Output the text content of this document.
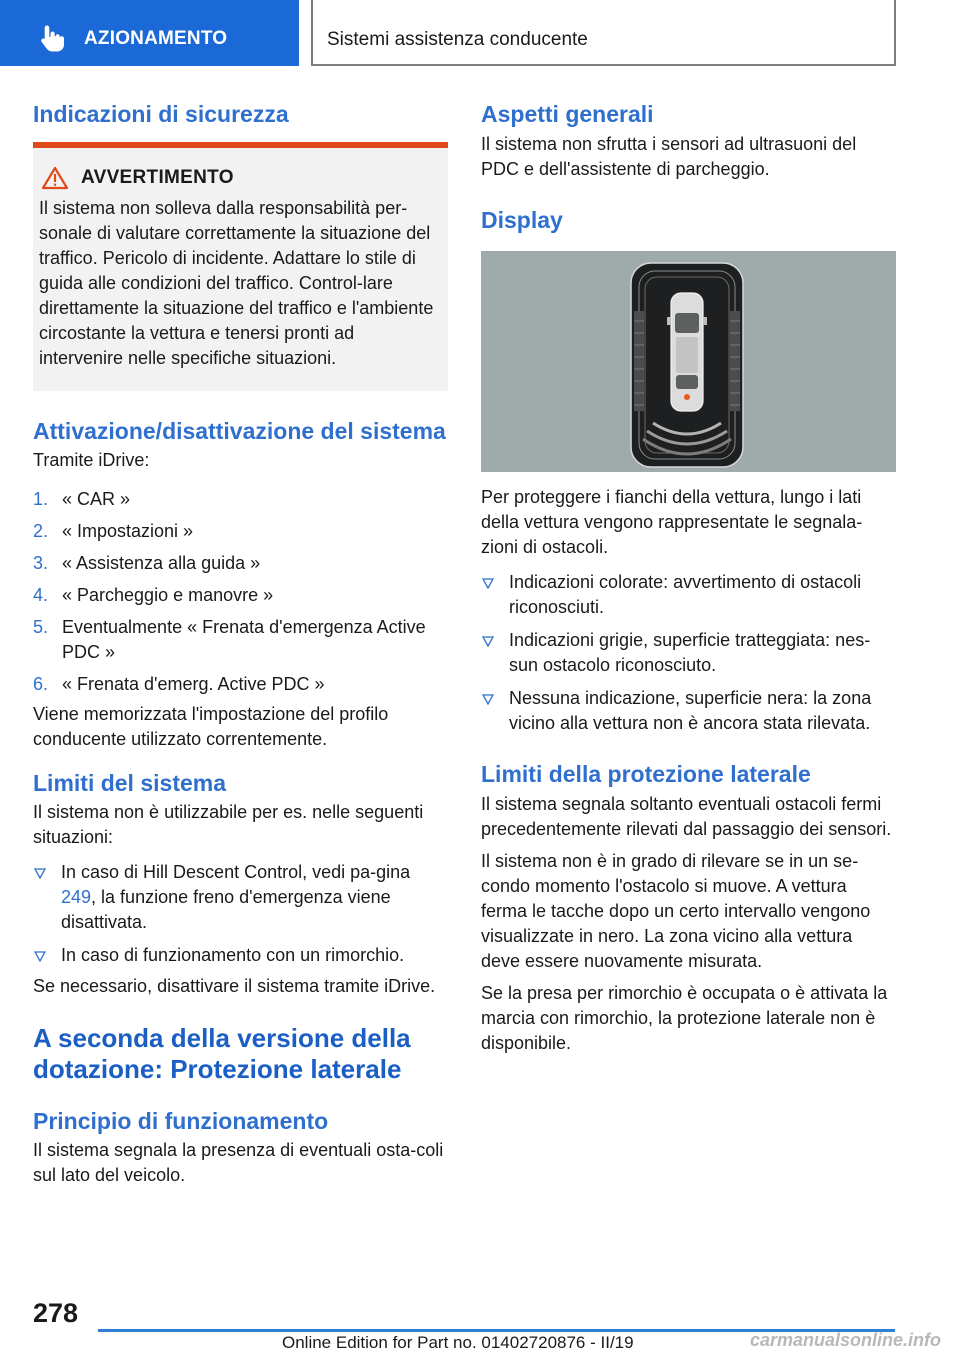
AZIONAMENTO	Sistemi assistenza conducente
Indicazioni di sicurezza
AVVERTIMENTO
Il sistema non solleva dalla responsabilità per-sonale di valutare correttamente la situazione del traffico. Pericolo di incidente. Adattare lo stile di guida alle condizioni del traffico. Control-lare direttamente la situazione del traffico e l'ambiente circostante la vettura e tenersi pronti ad intervenire nelle specifiche situazioni.
Attivazione/disattivazione del sistema
Tramite iDrive:
1. « CAR »
2. « Impostazioni »
3. « Assistenza alla guida »
4. « Parcheggio e manovre »
5. Eventualmente « Frenata d'emergenza Active PDC »
6. « Frenata d'emerg. Active PDC »
Viene memorizzata l'impostazione del profilo conducente utilizzato correntemente.
Limiti del sistema
Il sistema non è utilizzabile per es. nelle seguenti situazioni:
In caso di Hill Descent Control, vedi pa-gina 249, la funzione freno d'emergenza viene disattivata.
In caso di funzionamento con un rimorchio.
Se necessario, disattivare il sistema tramite iDrive.
A seconda della versione della dotazione: Protezione laterale
Principio di funzionamento
Il sistema segnala la presenza di eventuali osta-coli sul lato del veicolo.
Aspetti generali
Il sistema non sfrutta i sensori ad ultrasuoni del PDC e dell'assistente di parcheggio.
Display
Per proteggere i fianchi della vettura, lungo i lati della vettura vengono rappresentate le segnala-zioni di ostacoli.
Indicazioni colorate: avvertimento di ostacoli riconosciuti.
Indicazioni grigie, superficie tratteggiata: nes-sun ostacolo riconosciuto.
Nessuna indicazione, superficie nera: la zona vicino alla vettura non è ancora stata rilevata.
Limiti della protezione laterale
Il sistema segnala soltanto eventuali ostacoli fermi precedentemente rilevati dal passaggio dei sensori.
Il sistema non è in grado di rilevare se in un se-condo momento l'ostacolo si muove. A vettura ferma le tacche dopo un certo intervallo vengono visualizzate in nero. La zona vicino alla vettura deve essere nuovamente misurata.
Se la presa per rimorchio è occupata o è attivata la marcia con rimorchio, la protezione laterale non è disponibile.
278
Online Edition for Part no. 01402720876 - II/19	carmanualsonline.info
